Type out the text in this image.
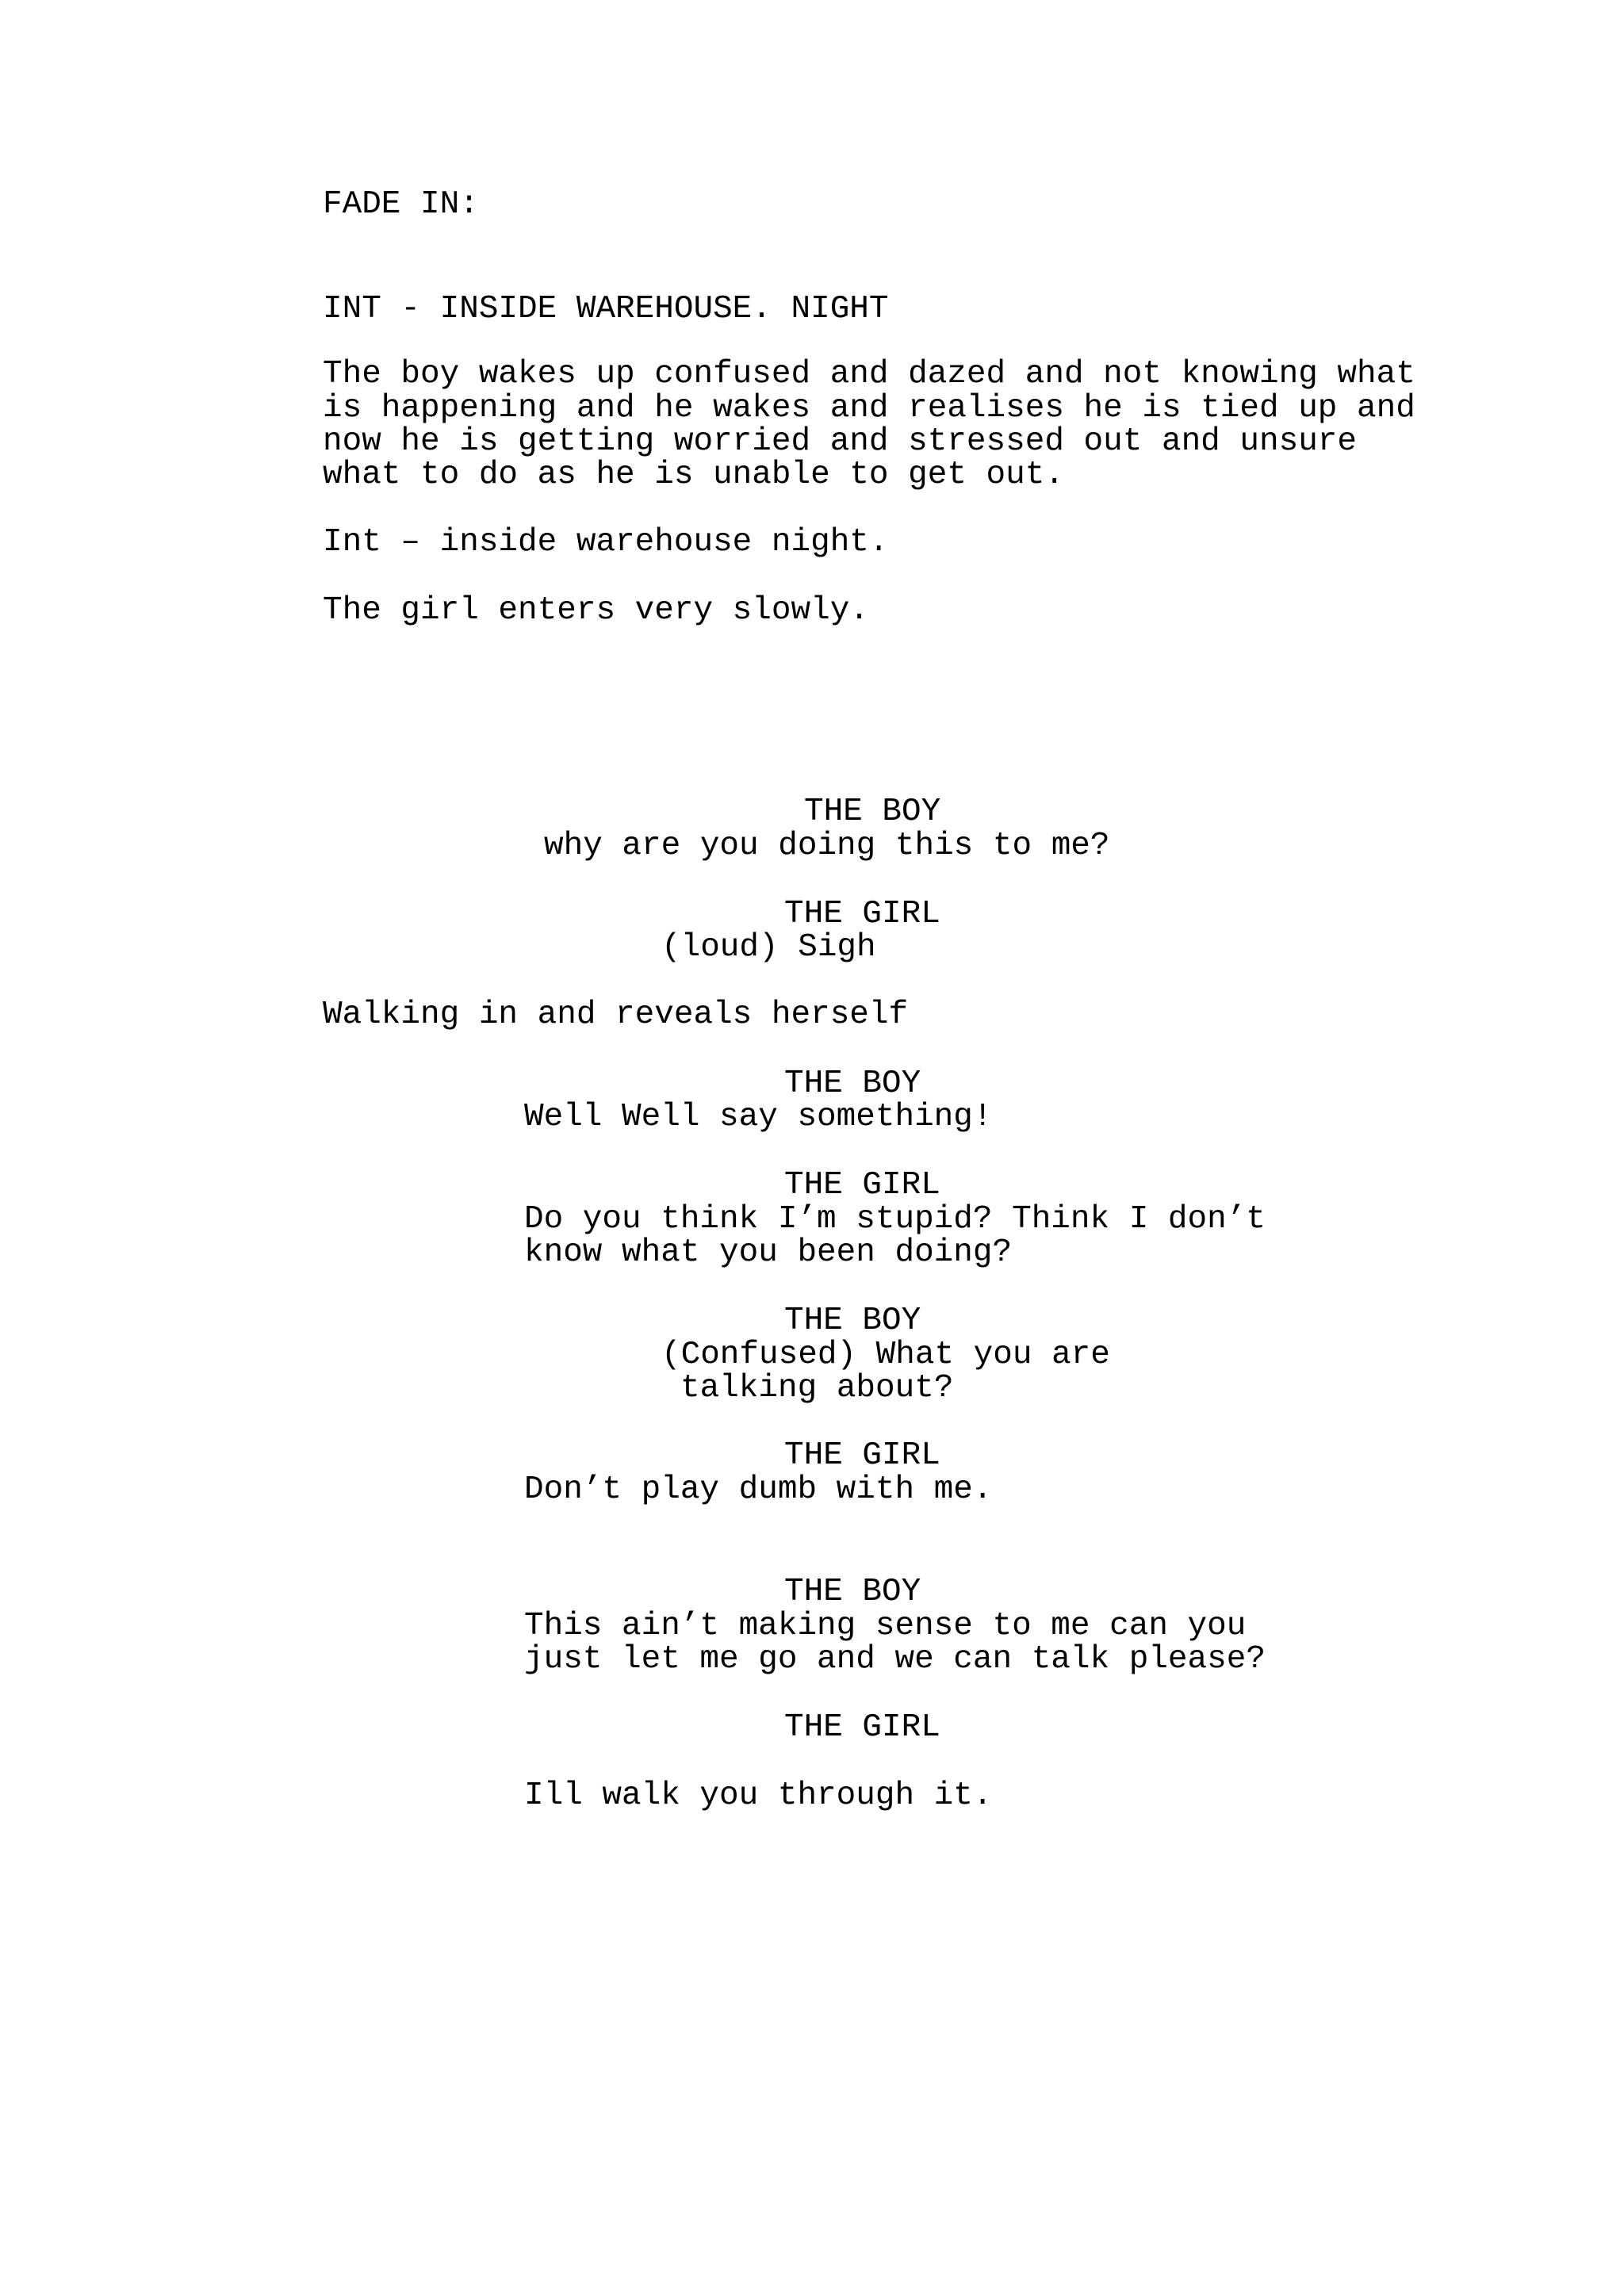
FADE IN:

INT - INSIDE WAREHOUSE. NIGHT

The boy wakes up confused and dazed and not knowing what

is happening and he wakes and realises he is tied up and

now he is getting worried and stressed out and unsure

what to do as he is unable to get out.

Int – inside warehouse night.

The girl enters very slowly.

THE BOY

why are you doing this to me?

THE GIRL

(loud) Sigh

Walking in and reveals herself

THE BOY

Well Well say something!

THE GIRL

Do you think I’m stupid? Think I don’t

know what you been doing?

THE BOY

(Confused) What you are

talking about?

THE GIRL

Don’t play dumb with me.

THE BOY

This ain’t making sense to me can you

just let me go and we can talk please?

THE GIRL

Ill walk you through it.
